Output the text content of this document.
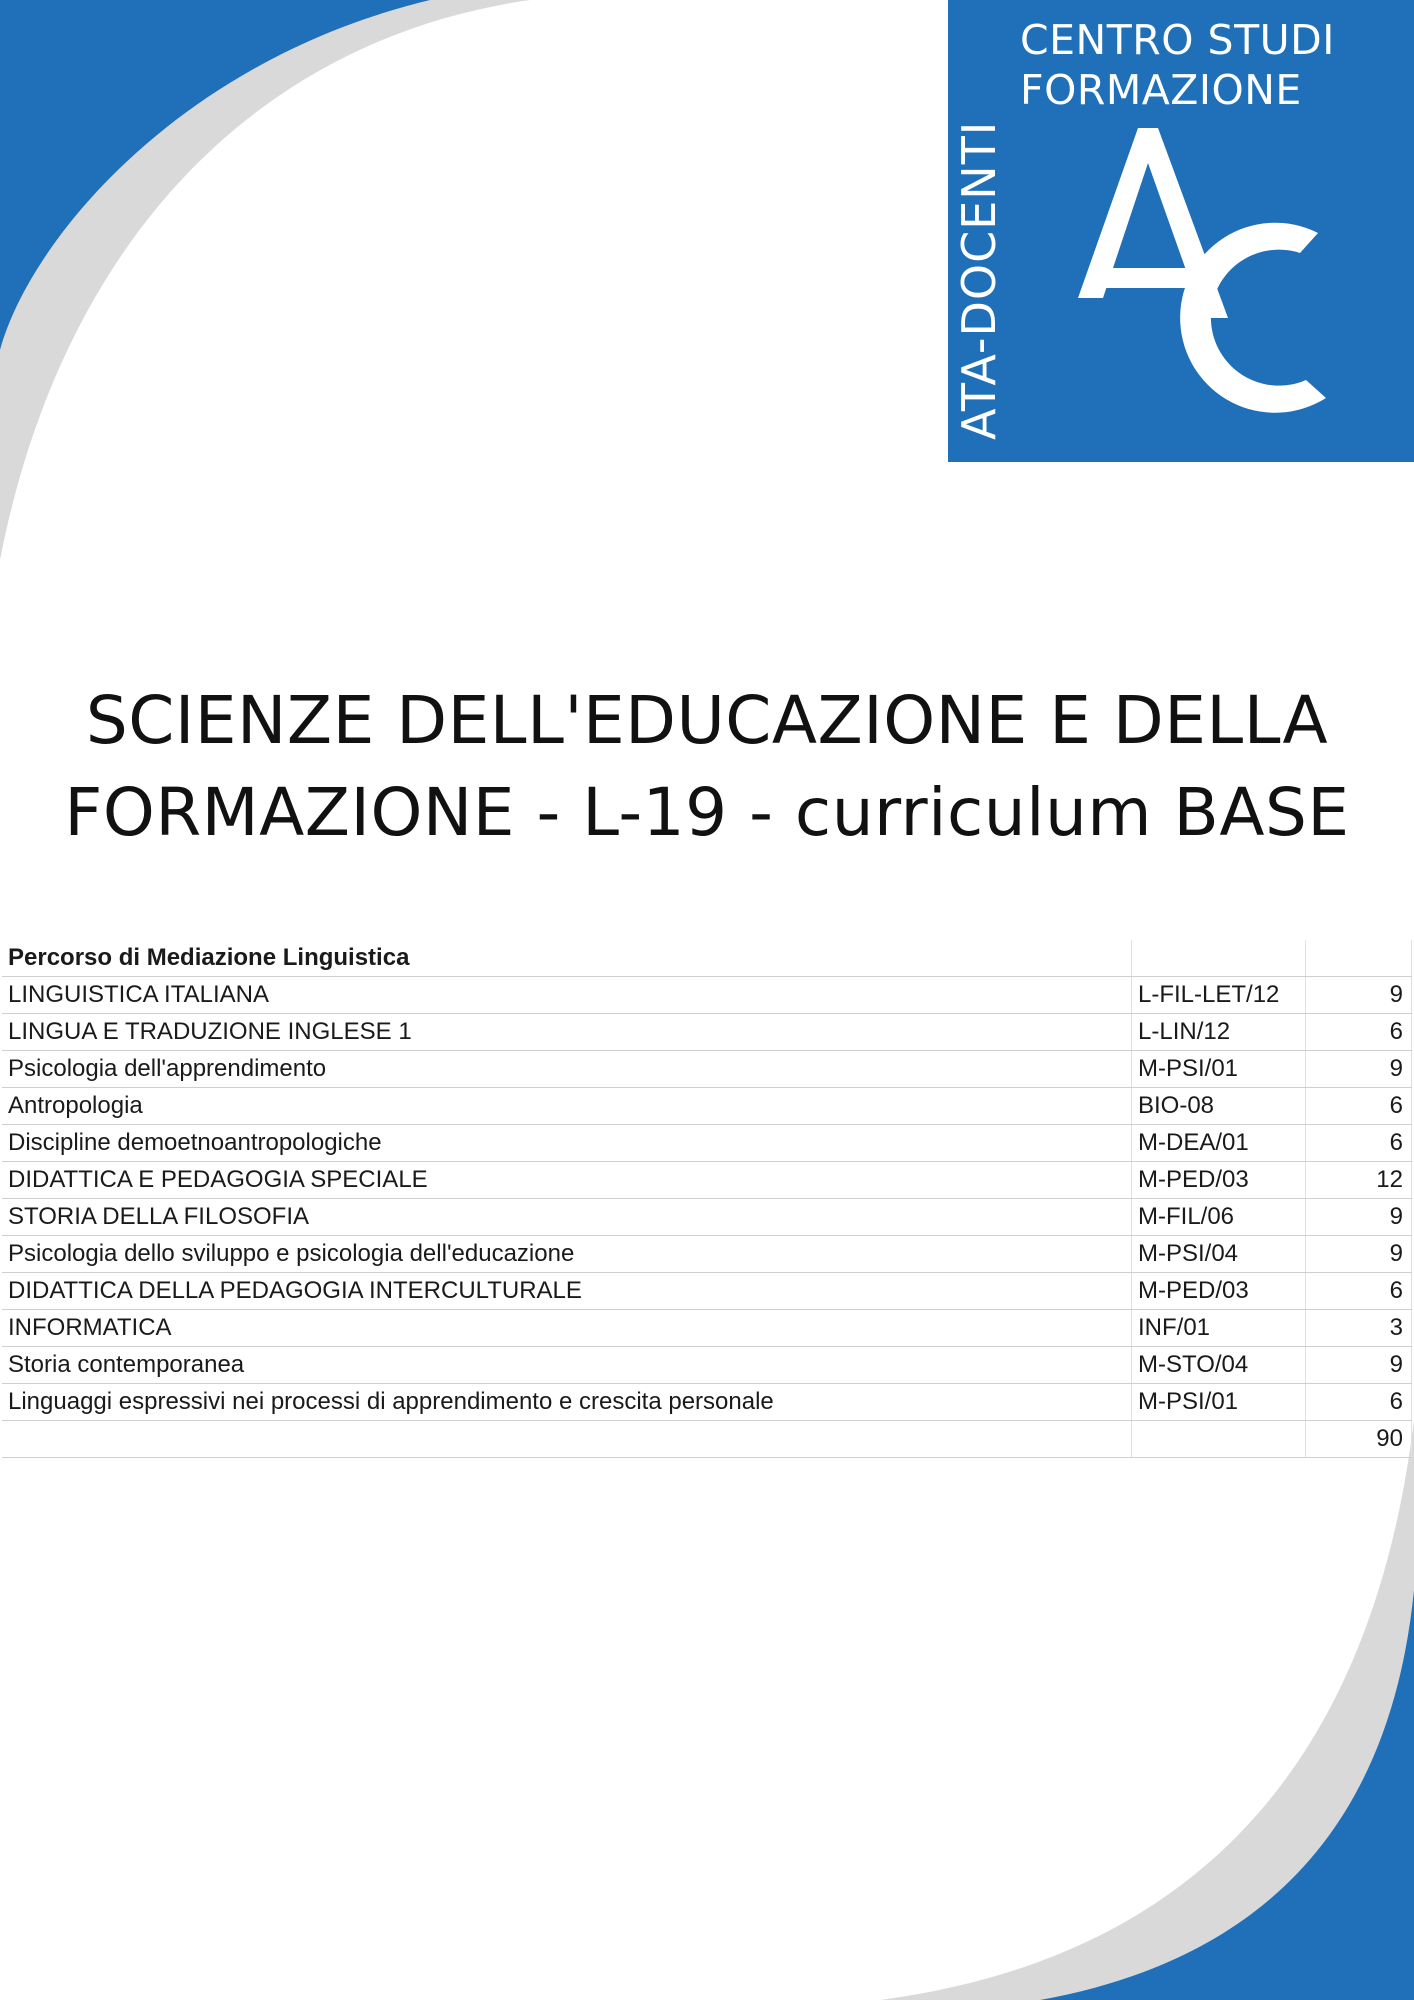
CENTRO STUDI
FORMAZIONE
ATA-DOCENTI
SCIENZE DELL'EDUCAZIONE E DELLA
FORMAZIONE - L-19 - curriculum BASE
Percorso di Mediazione Linguistica		
LINGUISTICA ITALIANA	L-FIL-LET/12	9
LINGUA E TRADUZIONE INGLESE 1	L-LIN/12	6
Psicologia dell'apprendimento	M-PSI/01	9
Antropologia	BIO-08	6
Discipline demoetnoantropologiche	M-DEA/01	6
DIDATTICA E PEDAGOGIA SPECIALE	M-PED/03	12
STORIA DELLA FILOSOFIA	M-FIL/06	9
Psicologia dello sviluppo e psicologia dell'educazione	M-PSI/04	9
DIDATTICA DELLA PEDAGOGIA INTERCULTURALE	M-PED/03	6
INFORMATICA	INF/01	3
Storia contemporanea	M-STO/04	9
Linguaggi espressivi nei processi di apprendimento e crescita personale	M-PSI/01	6
		90
